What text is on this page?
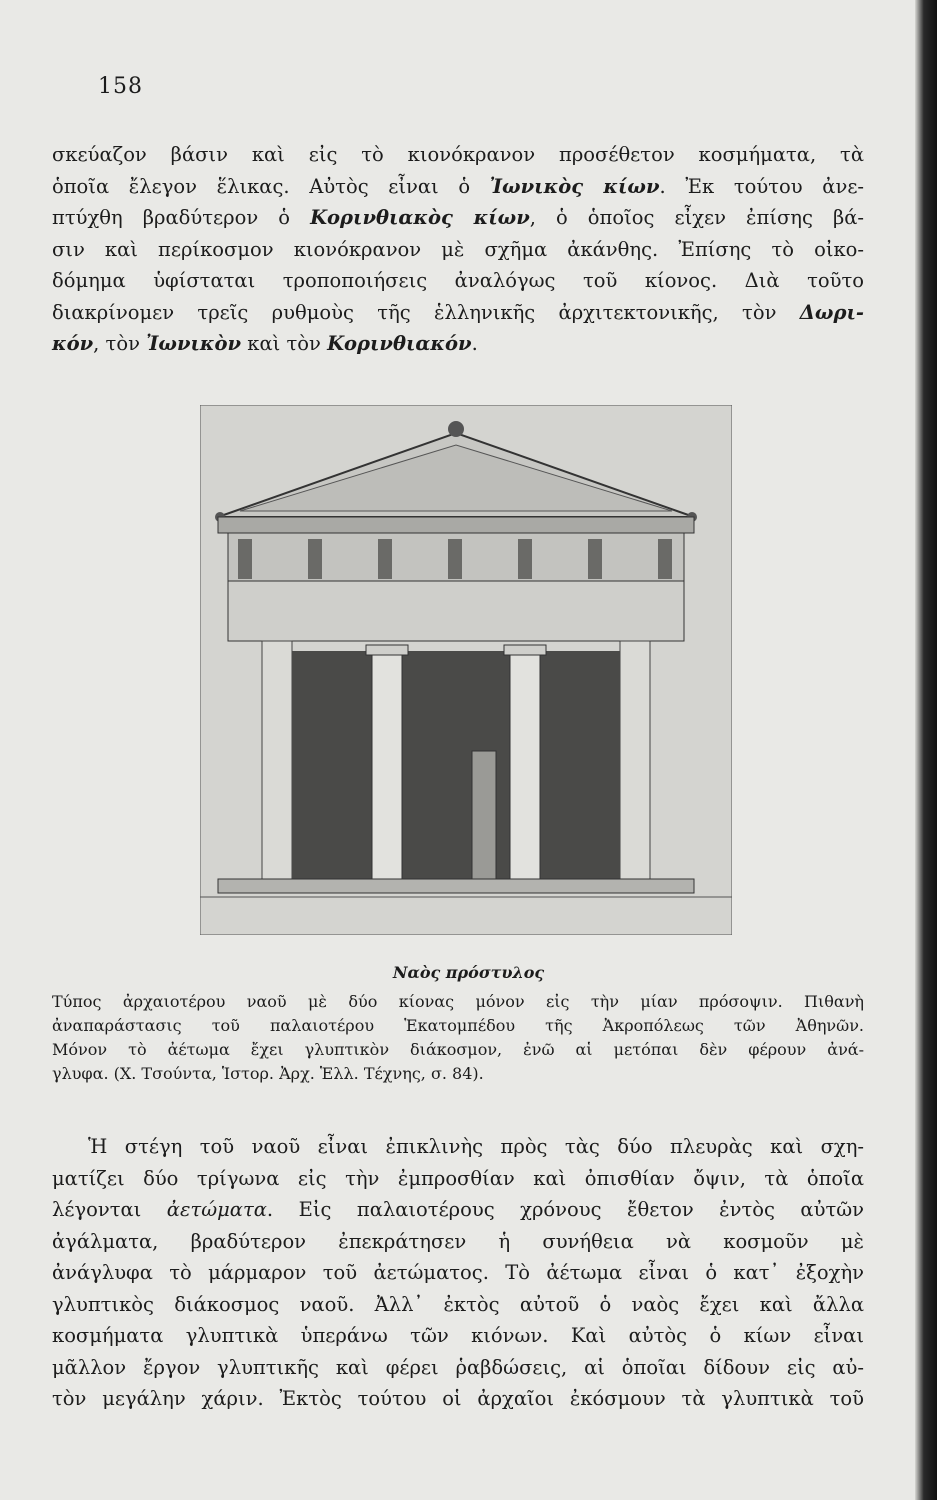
158
σκεύαζον βάσιν καὶ εἰς τὸ κιονόκρανον προσέθετον κοσμήματα, τὰ
ὁποῖα ἔλεγον ἕλικας. Αὐτὸς εἶναι ὁ Ἰωνικὸς κίων. Ἐκ τούτου ἀνε-
πτύχθη βραδύτερον ὁ Κορινθιακὸς κίων, ὁ ὁποῖος εἶχεν ἐπίσης βά-
σιν καὶ περίκοσμον κιονόκρανον μὲ σχῆμα ἀκάνθης. Ἐπίσης τὸ οἰκο-
δόμημα ὑφίσταται τροποποιήσεις ἀναλόγως τοῦ κίονος. Διὰ τοῦτο
διακρίνομεν τρεῖς ρυθμοὺς τῆς ἑλληνικῆς ἀρχιτεκτονικῆς, τὸν Δωρι-
κόν, τὸν Ἰωνικὸν καὶ τὸν Κορινθιακόν.
Ναὸς πρόστυλος
Τύπος ἀρχαιοτέρου ναοῦ μὲ δύο κίονας μόνον εἰς τὴν μίαν πρόσοψιν. Πιθανὴ
ἀναπαράστασις τοῦ παλαιοτέρου Ἑκατομπέδου τῆς Ἀκροπόλεως τῶν Ἀθηνῶν.
Μόνον τὸ ἀέτωμα ἔχει γλυπτικὸν διάκοσμον, ἐνῶ αἱ μετόπαι δὲν φέρουν ἀνά-
γλυφα. (Χ. Τσούντα, Ἱστορ. Ἀρχ. Ἑλλ. Τέχνης, σ. 84).
Ἡ στέγη τοῦ ναοῦ εἶναι ἐπικλινὴς πρὸς τὰς δύο πλευρὰς καὶ σχη-
ματίζει δύο τρίγωνα εἰς τὴν ἐμπροσθίαν καὶ ὀπισθίαν ὄψιν, τὰ ὁποῖα
λέγονται ἀετώματα. Εἰς παλαιοτέρους χρόνους ἔθετον ἐντὸς αὐτῶν
ἀγάλματα, βραδύτερον ἐπεκράτησεν ἡ συνήθεια νὰ κοσμοῦν μὲ
ἀνάγλυφα τὸ μάρμαρον τοῦ ἀετώματος. Τὸ ἀέτωμα εἶναι ὁ κατ᾽ ἐξοχὴν
γλυπτικὸς διάκοσμος ναοῦ. Ἀλλ᾽ ἐκτὸς αὐτοῦ ὁ ναὸς ἔχει καὶ ἄλλα
κοσμήματα γλυπτικὰ ὑπεράνω τῶν κιόνων. Καὶ αὐτὸς ὁ κίων εἶναι
μᾶλλον ἔργον γλυπτικῆς καὶ φέρει ῥαβδώσεις, αἱ ὁποῖαι δίδουν εἰς αὐ-
τὸν μεγάλην χάριν. Ἐκτὸς τούτου οἱ ἀρχαῖοι ἐκόσμουν τὰ γλυπτικὰ τοῦ
